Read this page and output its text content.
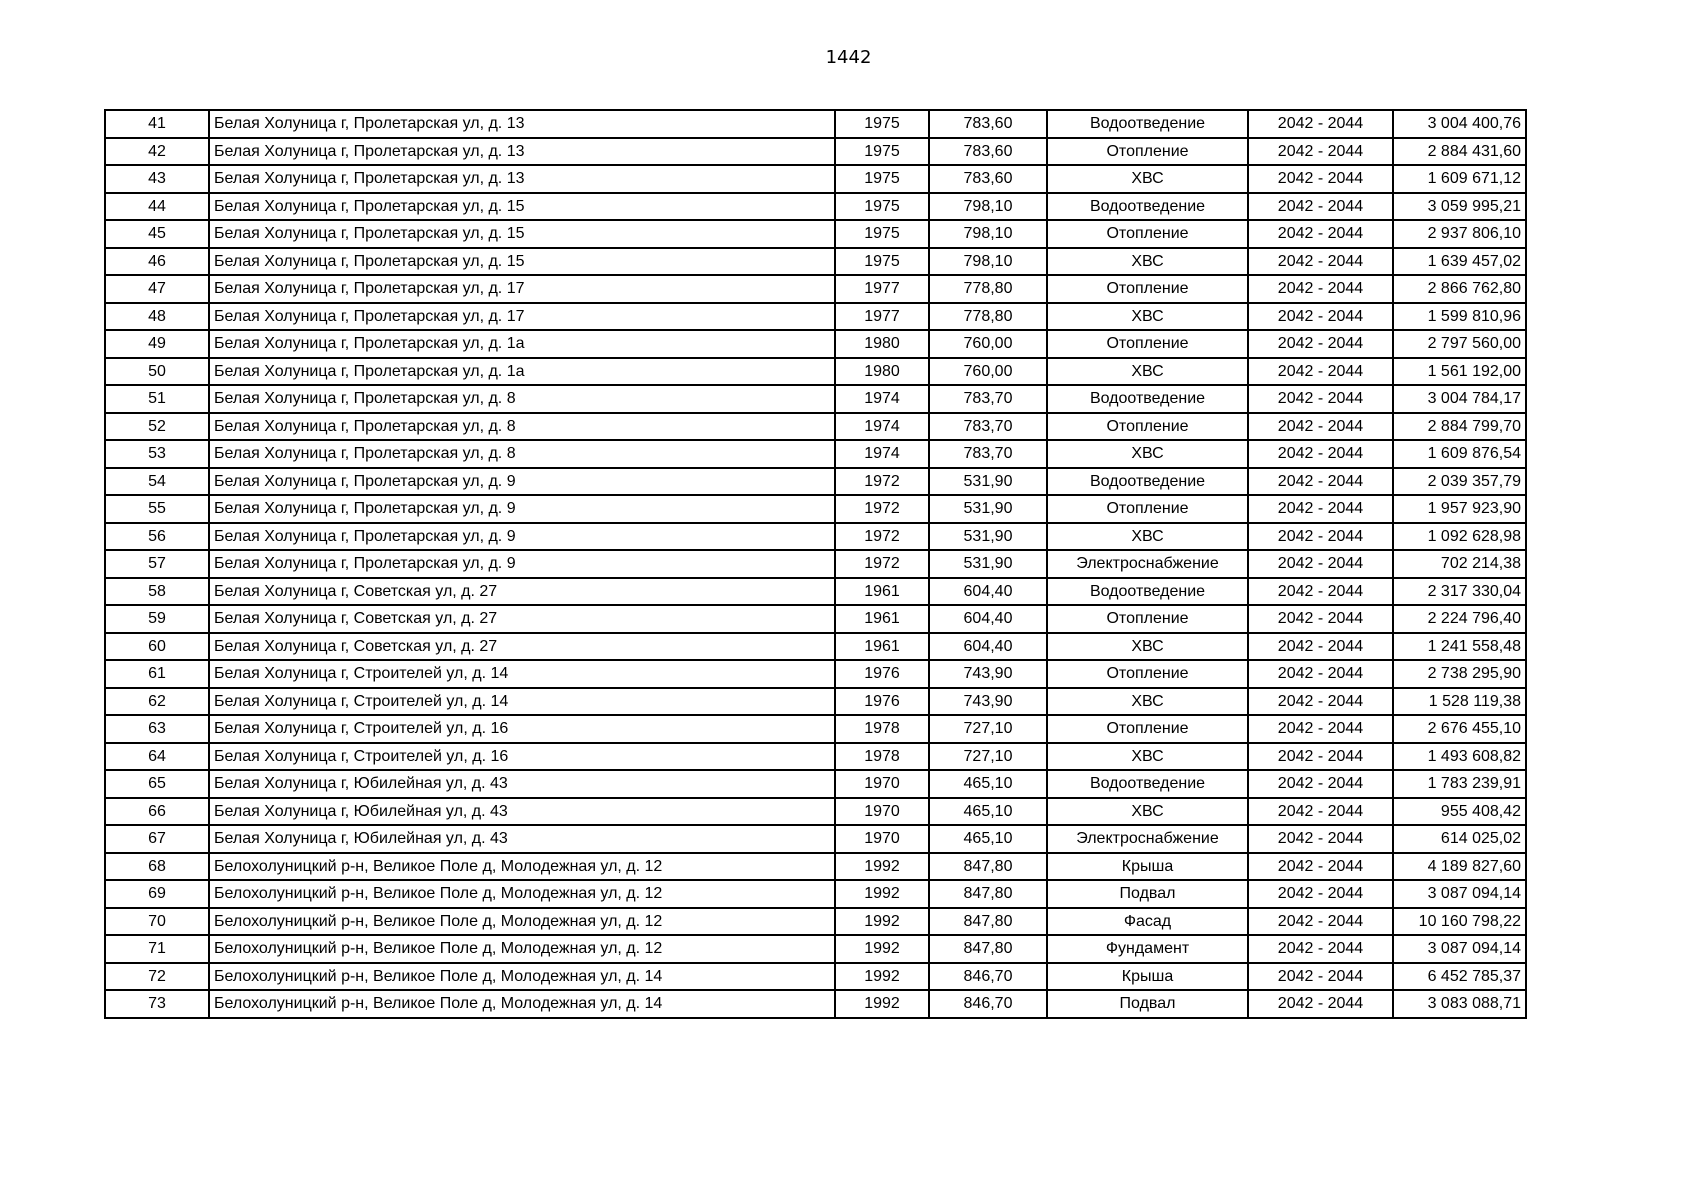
1442
41	Белая Холуница г, Пролетарская ул, д. 13	1975	783,60	Водоотведение	2042 - 2044	3 004 400,76
42	Белая Холуница г, Пролетарская ул, д. 13	1975	783,60	Отопление	2042 - 2044	2 884 431,60
43	Белая Холуница г, Пролетарская ул, д. 13	1975	783,60	ХВС	2042 - 2044	1 609 671,12
44	Белая Холуница г, Пролетарская ул, д. 15	1975	798,10	Водоотведение	2042 - 2044	3 059 995,21
45	Белая Холуница г, Пролетарская ул, д. 15	1975	798,10	Отопление	2042 - 2044	2 937 806,10
46	Белая Холуница г, Пролетарская ул, д. 15	1975	798,10	ХВС	2042 - 2044	1 639 457,02
47	Белая Холуница г, Пролетарская ул, д. 17	1977	778,80	Отопление	2042 - 2044	2 866 762,80
48	Белая Холуница г, Пролетарская ул, д. 17	1977	778,80	ХВС	2042 - 2044	1 599 810,96
49	Белая Холуница г, Пролетарская ул, д. 1а	1980	760,00	Отопление	2042 - 2044	2 797 560,00
50	Белая Холуница г, Пролетарская ул, д. 1а	1980	760,00	ХВС	2042 - 2044	1 561 192,00
51	Белая Холуница г, Пролетарская ул, д. 8	1974	783,70	Водоотведение	2042 - 2044	3 004 784,17
52	Белая Холуница г, Пролетарская ул, д. 8	1974	783,70	Отопление	2042 - 2044	2 884 799,70
53	Белая Холуница г, Пролетарская ул, д. 8	1974	783,70	ХВС	2042 - 2044	1 609 876,54
54	Белая Холуница г, Пролетарская ул, д. 9	1972	531,90	Водоотведение	2042 - 2044	2 039 357,79
55	Белая Холуница г, Пролетарская ул, д. 9	1972	531,90	Отопление	2042 - 2044	1 957 923,90
56	Белая Холуница г, Пролетарская ул, д. 9	1972	531,90	ХВС	2042 - 2044	1 092 628,98
57	Белая Холуница г, Пролетарская ул, д. 9	1972	531,90	Электроснабжение	2042 - 2044	702 214,38
58	Белая Холуница г, Советская ул, д. 27	1961	604,40	Водоотведение	2042 - 2044	2 317 330,04
59	Белая Холуница г, Советская ул, д. 27	1961	604,40	Отопление	2042 - 2044	2 224 796,40
60	Белая Холуница г, Советская ул, д. 27	1961	604,40	ХВС	2042 - 2044	1 241 558,48
61	Белая Холуница г, Строителей ул, д. 14	1976	743,90	Отопление	2042 - 2044	2 738 295,90
62	Белая Холуница г, Строителей ул, д. 14	1976	743,90	ХВС	2042 - 2044	1 528 119,38
63	Белая Холуница г, Строителей ул, д. 16	1978	727,10	Отопление	2042 - 2044	2 676 455,10
64	Белая Холуница г, Строителей ул, д. 16	1978	727,10	ХВС	2042 - 2044	1 493 608,82
65	Белая Холуница г, Юбилейная ул, д. 43	1970	465,10	Водоотведение	2042 - 2044	1 783 239,91
66	Белая Холуница г, Юбилейная ул, д. 43	1970	465,10	ХВС	2042 - 2044	955 408,42
67	Белая Холуница г, Юбилейная ул, д. 43	1970	465,10	Электроснабжение	2042 - 2044	614 025,02
68	Белохолуницкий р-н, Великое Поле д, Молодежная ул, д. 12	1992	847,80	Крыша	2042 - 2044	4 189 827,60
69	Белохолуницкий р-н, Великое Поле д, Молодежная ул, д. 12	1992	847,80	Подвал	2042 - 2044	3 087 094,14
70	Белохолуницкий р-н, Великое Поле д, Молодежная ул, д. 12	1992	847,80	Фасад	2042 - 2044	10 160 798,22
71	Белохолуницкий р-н, Великое Поле д, Молодежная ул, д. 12	1992	847,80	Фундамент	2042 - 2044	3 087 094,14
72	Белохолуницкий р-н, Великое Поле д, Молодежная ул, д. 14	1992	846,70	Крыша	2042 - 2044	6 452 785,37
73	Белохолуницкий р-н, Великое Поле д, Молодежная ул, д. 14	1992	846,70	Подвал	2042 - 2044	3 083 088,71
